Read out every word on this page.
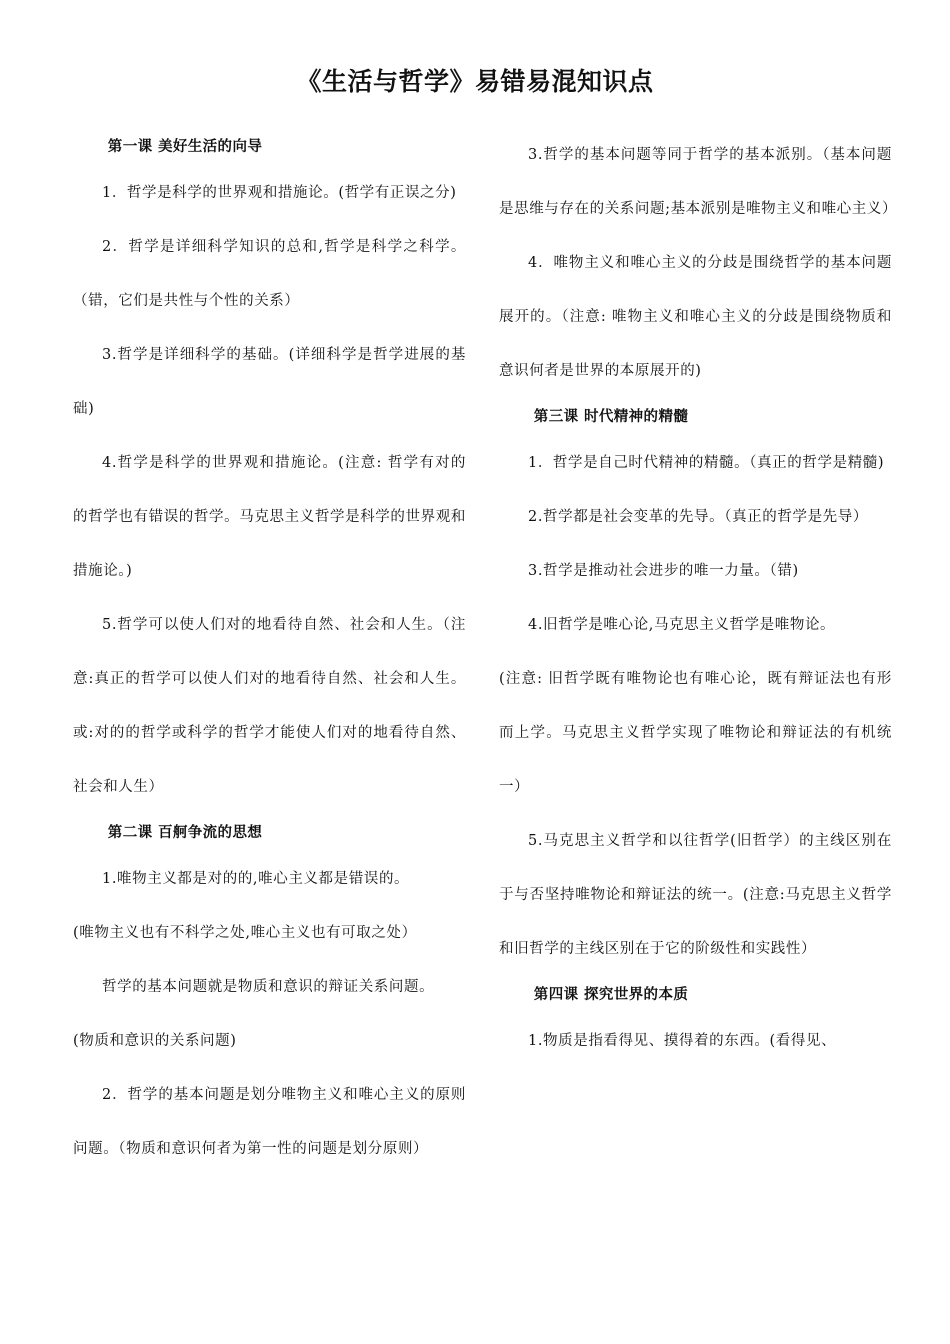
《生活与哲学》易错易混知识点
第一课 美好生活的向导

1．哲学是科学的世界观和措施论。(哲学有正误之分)

2．哲学是详细科学知识的总和,哲学是科学之科学。（错，它们是共性与个性的关系）

3.哲学是详细科学的基础。(详细科学是哲学进展的基础)

4.哲学是科学的世界观和措施论。(注意: 哲学有对的的哲学也有错误的哲学。马克思主义哲学是科学的世界观和措施论。)

5.哲学可以使人们对的地看待自然、社会和人生。（注意:真正的哲学可以使人们对的地看待自然、社会和人生。或:对的的哲学或科学的哲学才能使人们对的地看待自然、社会和人生）

第二课 百舸争流的思想

1.唯物主义都是对的的,唯心主义都是错误的。

(唯物主义也有不科学之处,唯心主义也有可取之处）

哲学的基本问题就是物质和意识的辩证关系问题。

(物质和意识的关系问题)

2．哲学的基本问题是划分唯物主义和唯心主义的原则问题。（物质和意识何者为第一性的问题是划分原则）

3.哲学的基本问题等同于哲学的基本派别。（基本问题是思维与存在的关系问题;基本派别是唯物主义和唯心主义）

4．唯物主义和唯心主义的分歧是围绕哲学的基本问题展开的。（注意: 唯物主义和唯心主义的分歧是围绕物质和意识何者是世界的本原展开的)

第三课 时代精神的精髓

1．哲学是自己时代精神的精髓。（真正的哲学是精髓)

2.哲学都是社会变革的先导。（真正的哲学是先导）

3.哲学是推动社会进步的唯一力量。（错)

4.旧哲学是唯心论,马克思主义哲学是唯物论。

(注意: 旧哲学既有唯物论也有唯心论，既有辩证法也有形而上学。马克思主义哲学实现了唯物论和辩证法的有机统一）

5.马克思主义哲学和以往哲学(旧哲学）的主线区别在于与否坚持唯物论和辩证法的统一。(注意:马克思主义哲学和旧哲学的主线区别在于它的阶级性和实践性）

第四课 探究世界的本质

1.物质是指看得见、摸得着的东西。(看得见、
